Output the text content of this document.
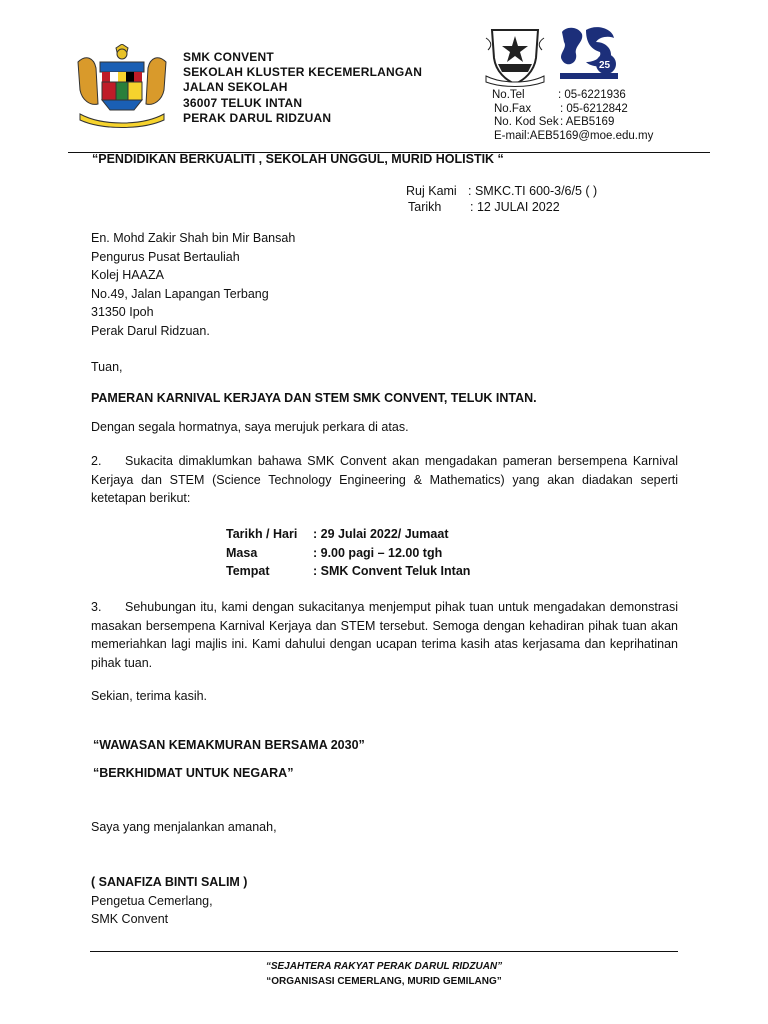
SMK CONVENT
SEKOLAH KLUSTER KECEMERLANGAN
JALAN SEKOLAH
36007 TELUK INTAN
PERAK DARUL RIDZUAN
25
No.Tel	: 05-6221936
No.Fax	: 05-6212842
No. Kod Sek : AEB5169
E-mail: AEB5169@moe.edu.my
“PENDIDIKAN BERKUALITI , SEKOLAH UNGGUL, MURID HOLISTIK “
Ruj Kami : SMKC.TI 600-3/6/5 ( )
Tarikh : 12 JULAI 2022
En. Mohd Zakir Shah bin Mir Bansah
Pengurus Pusat Bertauliah
Kolej HAAZA
No.49, Jalan Lapangan Terbang
31350 Ipoh
Perak Darul Ridzuan.
Tuan,
PAMERAN KARNIVAL KERJAYA DAN STEM SMK CONVENT, TELUK INTAN.
Dengan segala hormatnya, saya merujuk perkara di atas.
2. Sukacita dimaklumkan bahawa SMK Convent akan mengadakan pameran bersempena Karnival Kerjaya dan STEM (Science Technology Engineering & Mathematics) yang akan diadakan seperti ketetapan berikut:
Tarikh / Hari : 29 Julai 2022/ Jumaat
Masa	: 9.00 pagi – 12.00 tgh
Tempat	: SMK Convent Teluk Intan
3. Sehubungan itu, kami dengan sukacitanya menjemput pihak tuan untuk mengadakan demonstrasi masakan bersempena Karnival Kerjaya dan STEM tersebut. Semoga dengan kehadiran pihak tuan akan memeriahkan lagi majlis ini. Kami dahului dengan ucapan terima kasih atas kerjasama dan keprihatinan pihak tuan.
Sekian, terima kasih.
“WAWASAN KEMAKMURAN BERSAMA 2030”
“BERKHIDMAT UNTUK NEGARA”
Saya yang menjalankan amanah,
( SANAFIZA BINTI SALIM )
Pengetua Cemerlang,
SMK Convent
“SEJAHTERA RAKYAT PERAK DARUL RIDZUAN”
“ORGANISASI CEMERLANG, MURID GEMILANG”
